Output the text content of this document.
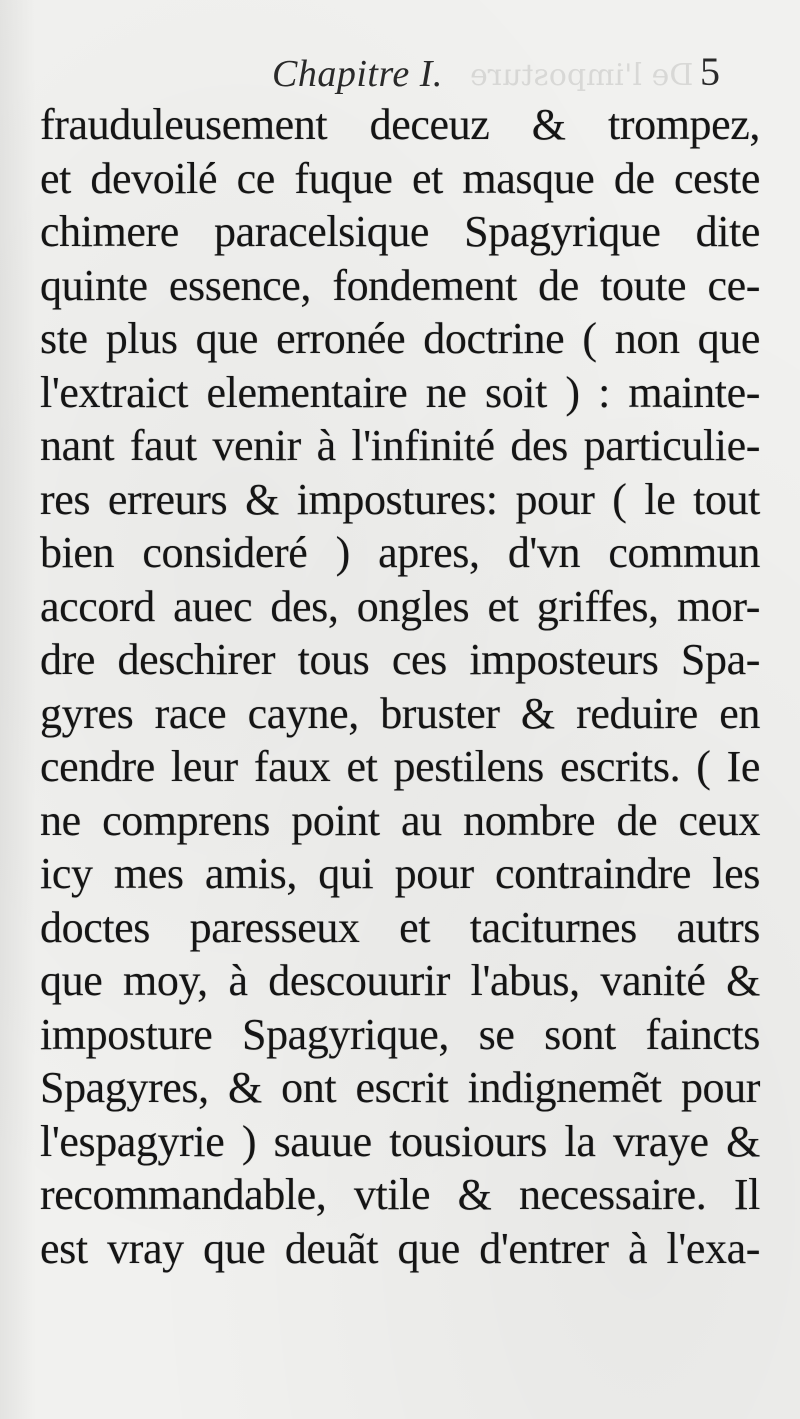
De l'imposture
Chapitre I.	5
frauduleusement deceuz & trompez,
et devoilé ce fuque et masque de ceste
chimere paracelsique Spagyrique dite
quinte essence, fondement de toute ce-
ste plus que erronée doctrine ( non que
l'extraict elementaire ne soit ) : mainte-
nant faut venir à l'infinité des particulie-
res erreurs & impostures: pour ( le tout
bien consideré ) apres, d'vn commun
accord auec des, ongles et griffes, mor-
dre deschirer tous ces imposteurs Spa-
gyres race cayne, bruster & reduire en
cendre leur faux et pestilens escrits. ( Ie
ne comprens point au nombre de ceux
icy mes amis, qui pour contraindre les
doctes paresseux et taciturnes autrs
que moy, à descouurir l'abus, vanité &
imposture Spagyrique, se sont faincts
Spagyres, & ont escrit indignemẽt pour
l'espagyrie ) sauue tousiours la vraye &
recommandable, vtile & necessaire. Il
est vray que deuãt que d'entrer à l'exa-
